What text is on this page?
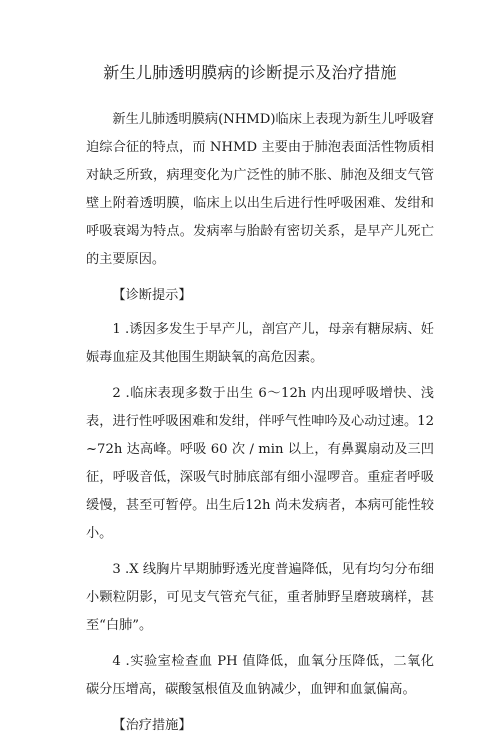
新生儿肺透明膜病的诊断提示及治疗措施

新生儿肺透明膜病(NHMD)临床上表现为新生儿呼吸窘迫综合征的特点，而 NHMD 主要由于肺泡表面活性物质相对缺乏所致，病理变化为广泛性的肺不胀、肺泡及细支气管壁上附着透明膜，临床上以出生后进行性呼吸困难、发绀和呼吸衰竭为特点。发病率与胎龄有密切关系，是早产儿死亡的主要原因。

【诊断提示】

1 .诱因多发生于早产儿，剖宫产儿，母亲有糖尿病、妊娠毒血症及其他围生期缺氧的高危因素。

2 .临床表现多数于出生 6～12h 内出现呼吸增快、浅表，进行性呼吸困难和发绀，伴呼气性呻吟及心动过速。12~72h 达高峰。呼吸 60 次 / min 以上，有鼻翼扇动及三凹征，呼吸音低，深吸气时肺底部有细小湿啰音。重症者呼吸缓慢，甚至可暂停。出生后12h 尚未发病者，本病可能性较小。

3 .X 线胸片早期肺野透光度普遍降低，见有均匀分布细小颗粒阴影，可见支气管充气征，重者肺野呈磨玻璃样，甚至“白肺”。

4 .实验室检查血 PH 值降低，血氧分压降低，二氧化碳分压增高，碳酸氢根值及血钠减少，血钾和血氯偏高。

【治疗措施】
